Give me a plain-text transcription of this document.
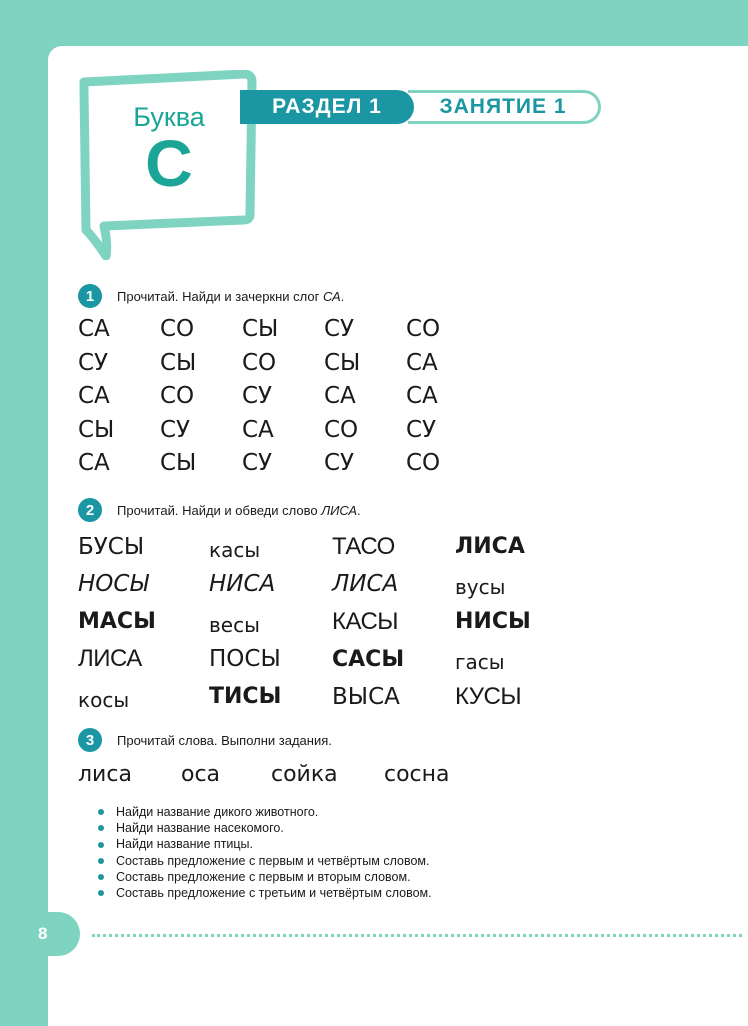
Буква
С
ЗАНЯТИЕ 1
РАЗДЕЛ 1
1	Прочитай. Найди и зачеркни слог СА.
СА	СО	СЫ	СУ	СО
СУ	СЫ	СО	СЫ	СА
СА	СО	СУ	СА	СА
СЫ	СУ	СА	СО	СУ
СА	СЫ	СУ	СУ	СО
2	Прочитай. Найди и обведи слово ЛИСА.
БУСЫ	касы	ТАСО	ЛИСА
НОСЫ	НИСА	ЛИСА	вусы
МАСЫ	весы	КАСЫ	НИСЫ
ЛИСА	ПОСЫ	САСЫ	гасы
косы	ТИСЫ	ВЫСА	КУСЫ
3	Прочитай слова. Выполни задания.
лиса	оса	сойка	сосна
Найди название дикого животного.
Найди название насекомого.
Найди название птицы.
Составь предложение с первым и четвёртым словом.
Составь предложение с первым и вторым словом.
Составь предложение с третьим и четвёртым словом.
8
